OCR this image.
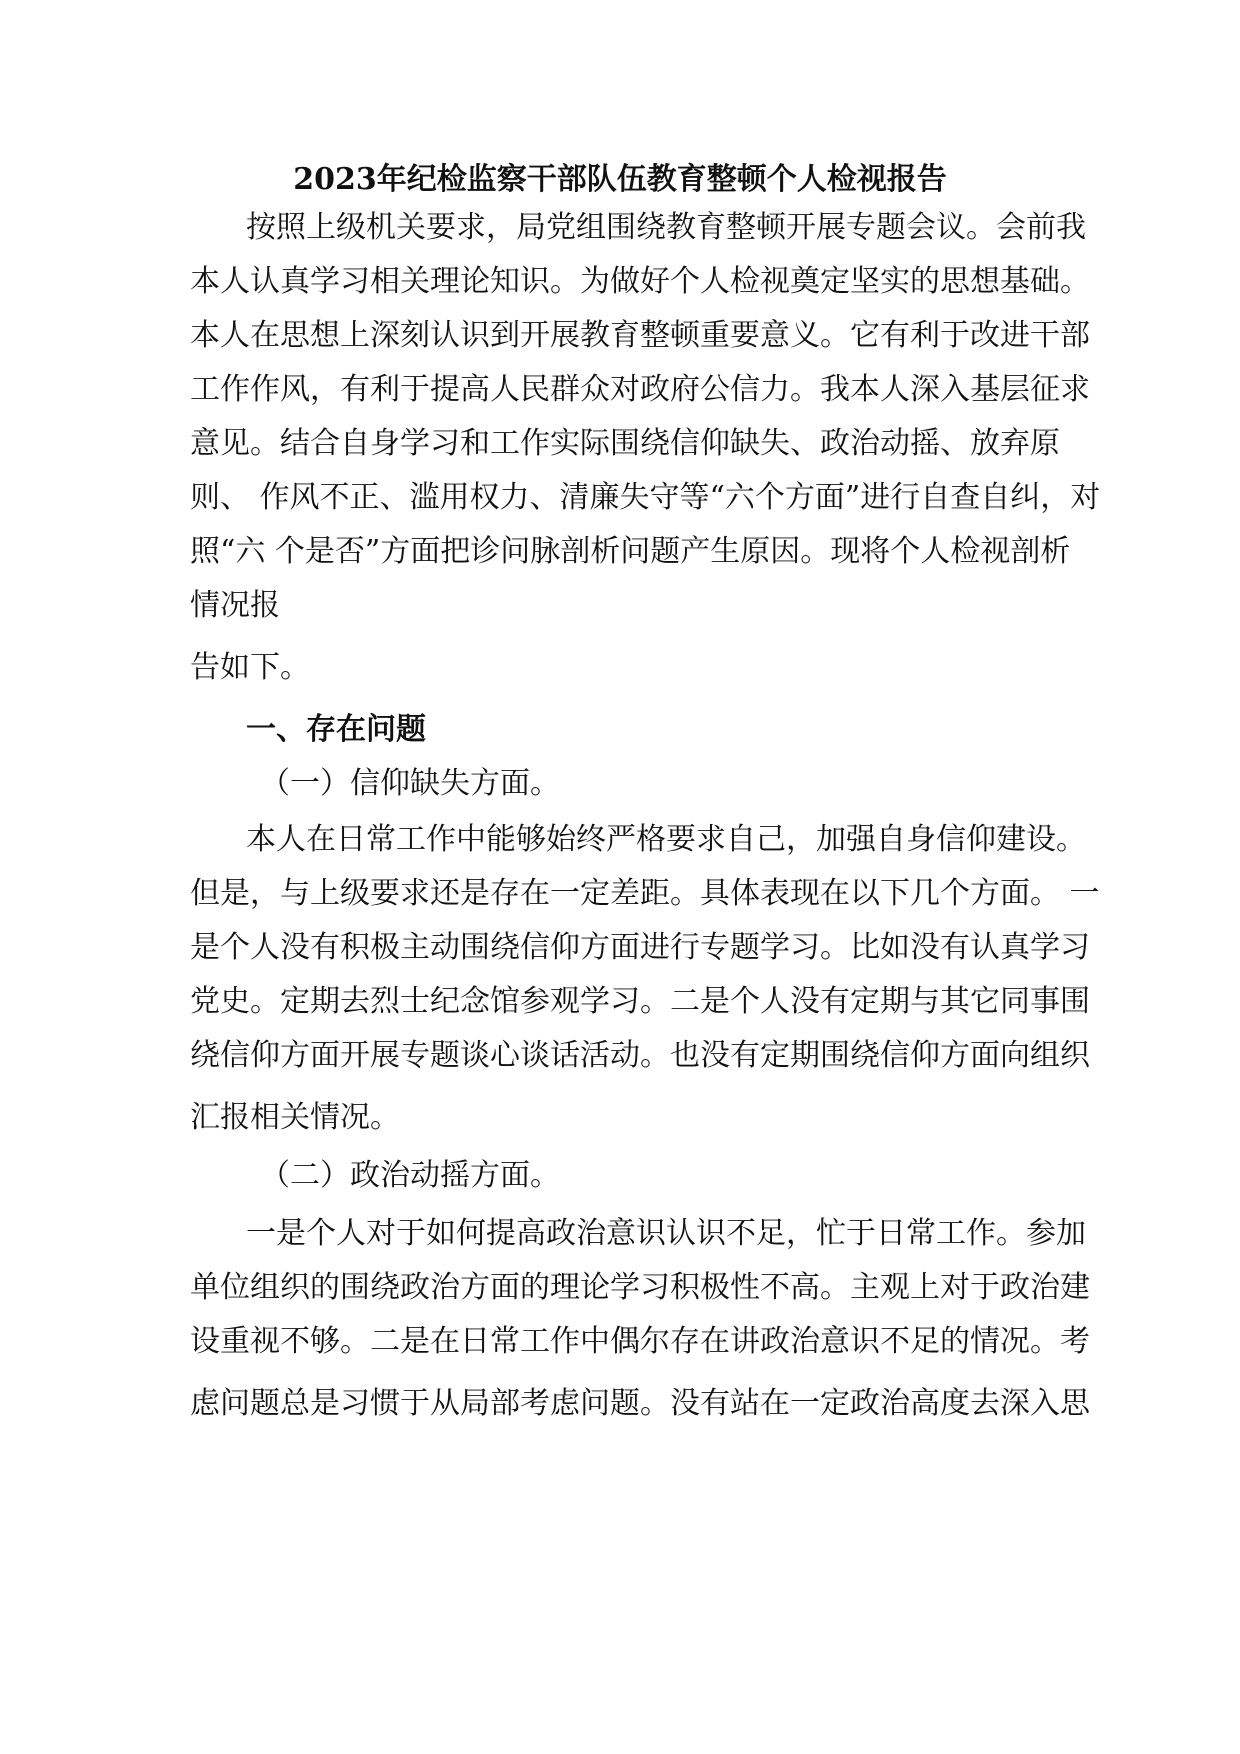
2023年纪检监察干部队伍教育整顿个人检视报告
按照上级机关要求，局党组围绕教育整顿开展专题会议。会前我
本人认真学习相关理论知识。为做好个人检视奠定坚实的思想基础。
本人在思想上深刻认识到开展教育整顿重要意义。它有利于改进干部
工作作风，有利于提高人民群众对政府公信力。我本人深入基层征求
意见。结合自身学习和工作实际围绕信仰缺失、政治动摇、放弃原
则、 作风不正、滥用权力、清廉失守等“六个方面”进行自查自纠，对
照“六 个是否”方面把诊问脉剖析问题产生原因。现将个人检视剖析
情况报
告如下。
一、存在问题
（一）信仰缺失方面。
本人在日常工作中能够始终严格要求自己，加强自身信仰建设。
但是，与上级要求还是存在一定差距。具体表现在以下几个方面。 一
是个人没有积极主动围绕信仰方面进行专题学习。比如没有认真学习
党史。定期去烈士纪念馆参观学习。二是个人没有定期与其它同事围
绕信仰方面开展专题谈心谈话活动。也没有定期围绕信仰方面向组织
汇报相关情况。
（二）政治动摇方面。
一是个人对于如何提高政治意识认识不足，忙于日常工作。参加
单位组织的围绕政治方面的理论学习积极性不高。主观上对于政治建
设重视不够。二是在日常工作中偶尔存在讲政治意识不足的情况。考
虑问题总是习惯于从局部考虑问题。没有站在一定政治高度去深入思
